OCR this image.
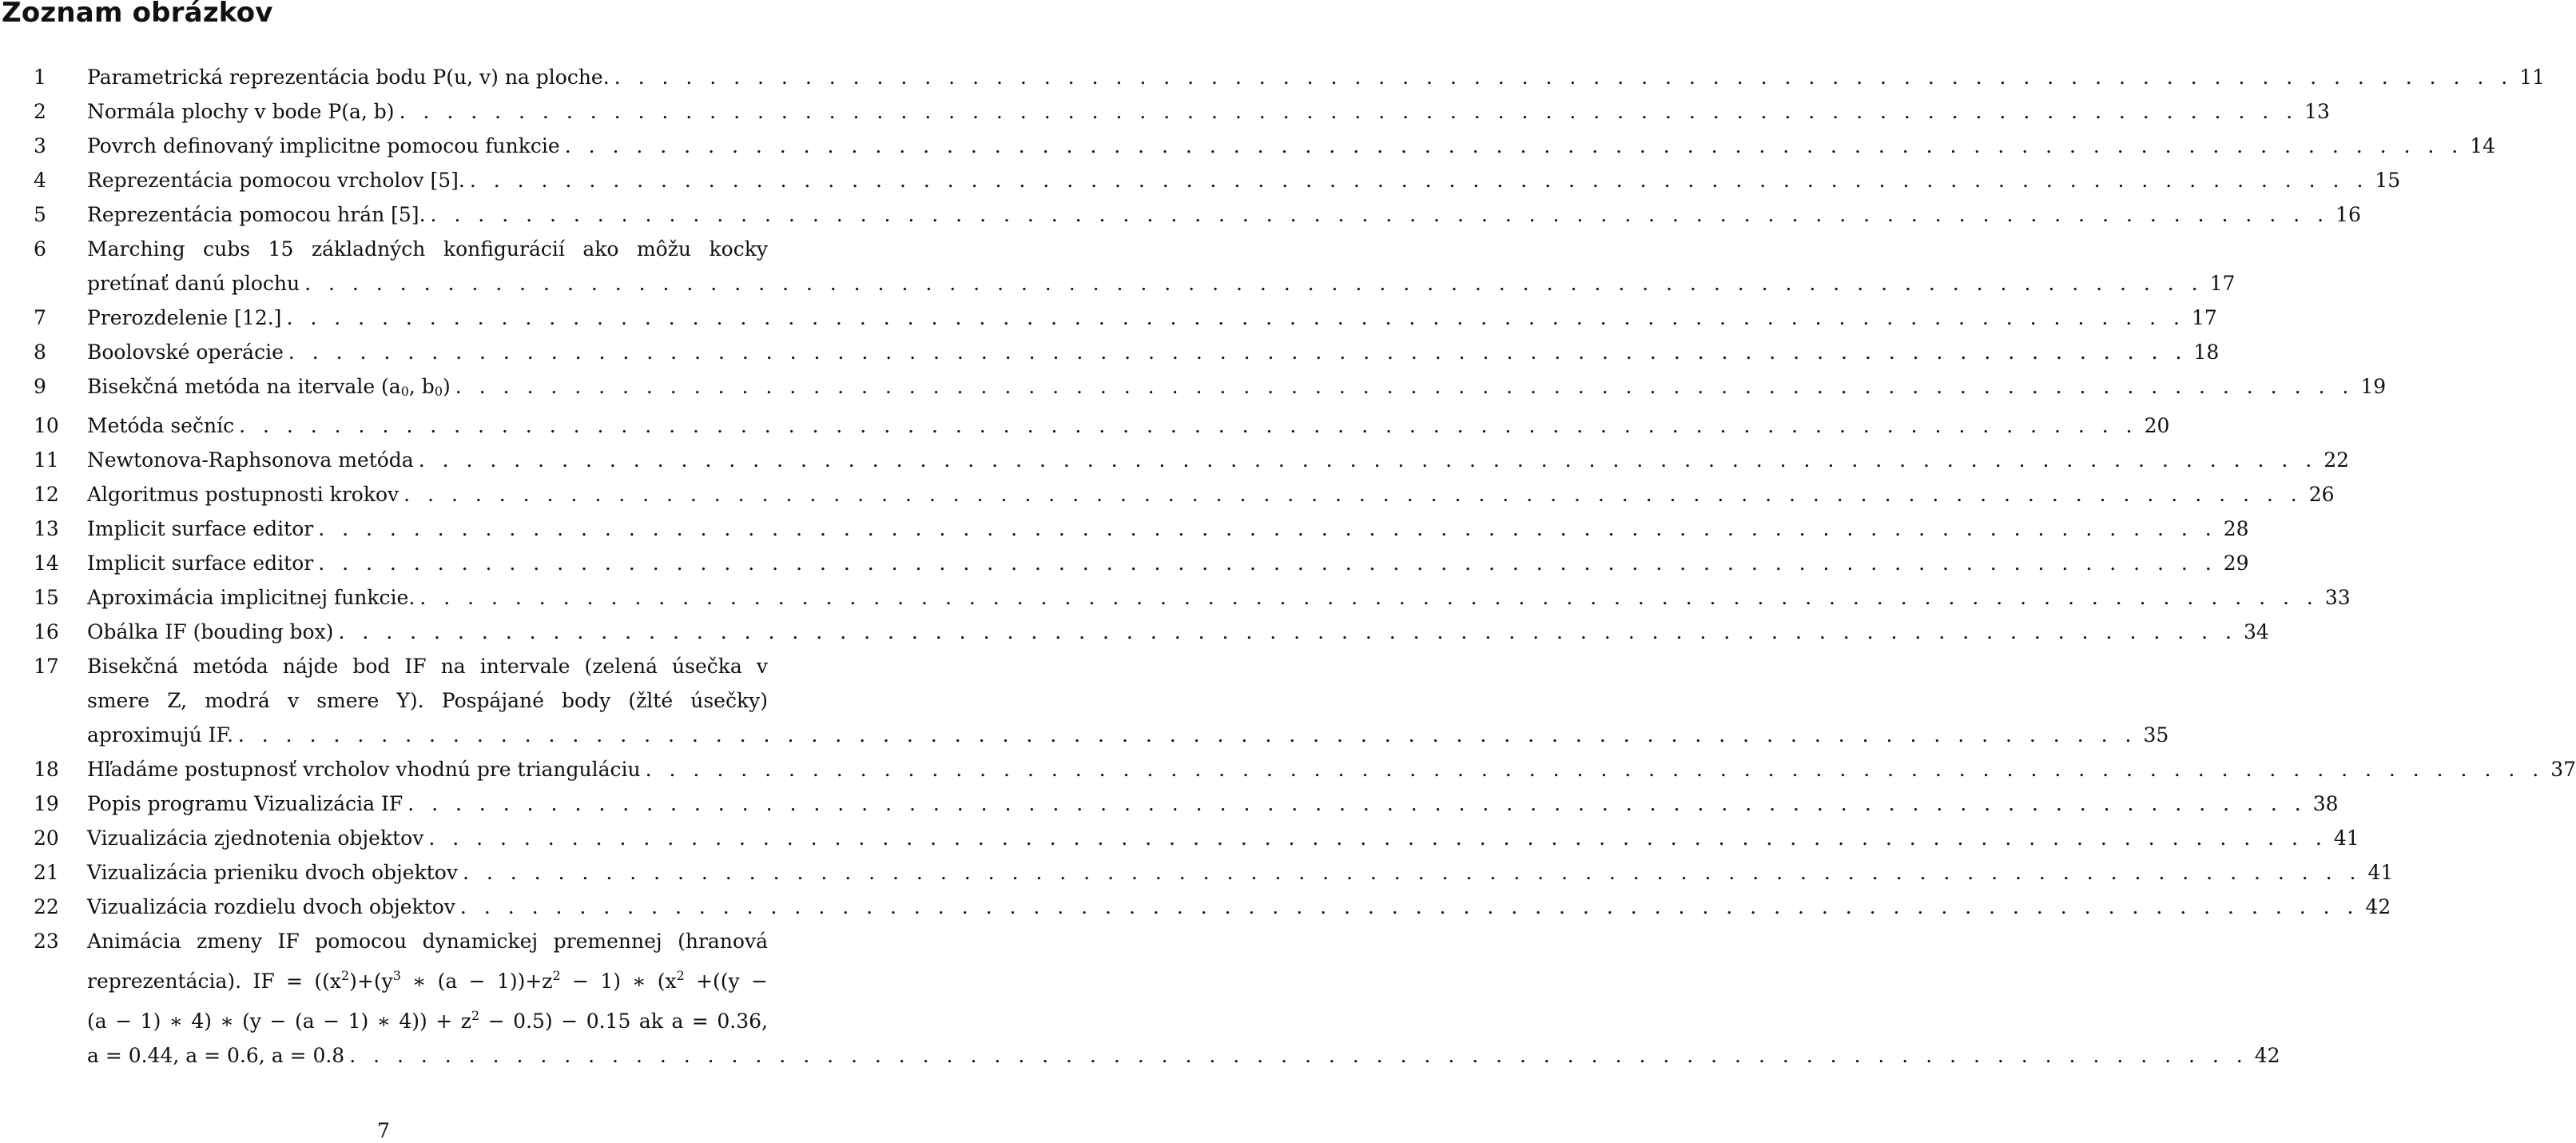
Zoznam obrázkov
1 Parametrická reprezentácia bodu P(u, v) na ploche. . . . . . . . . . . . . . . . . . . . . . . . . . . . . . . . . . . . . . . . . . . . . . . . . . . . . . . . . . . . . . . . . . . . . . . . . . . . . . . . . 11
2 Normála plochy v bode P(a, b) . . . . . . . . . . . . . . . . . . . . . . . . . . . . . . . . . . . . . . . . . . . . . . . . . . . . . . . . . . . . . . . . . . . . . . . . . . . . . . . . 13
3 Povrch definovaný implicitne pomocou funkcie . . . . . . . . . . . . . . . . . . . . . . . . . . . . . . . . . . . . . . . . . . . . . . . . . . . . . . . . . . . . . . . . . . . . . . . . . . . . . . . . 14
4 Reprezentácia pomocou vrcholov [5]. . . . . . . . . . . . . . . . . . . . . . . . . . . . . . . . . . . . . . . . . . . . . . . . . . . . . . . . . . . . . . . . . . . . . . . . . . . . . . . . . 15
5 Reprezentácia pomocou hrán [5]. . . . . . . . . . . . . . . . . . . . . . . . . . . . . . . . . . . . . . . . . . . . . . . . . . . . . . . . . . . . . . . . . . . . . . . . . . . . . . . . . 16
6 Marching cubs 15 základných konfigurácií ako môžu kocky
pretínať danú plochu . . . . . . . . . . . . . . . . . . . . . . . . . . . . . . . . . . . . . . . . . . . . . . . . . . . . . . . . . . . . . . . . . . . . . . . . . . . . . . . . 17
7 Prerozdelenie [12.] . . . . . . . . . . . . . . . . . . . . . . . . . . . . . . . . . . . . . . . . . . . . . . . . . . . . . . . . . . . . . . . . . . . . . . . . . . . . . . . . 17
8 Boolovské operácie . . . . . . . . . . . . . . . . . . . . . . . . . . . . . . . . . . . . . . . . . . . . . . . . . . . . . . . . . . . . . . . . . . . . . . . . . . . . . . . . 18
9 Bisekčná metóda na itervale (a0, b0) . . . . . . . . . . . . . . . . . . . . . . . . . . . . . . . . . . . . . . . . . . . . . . . . . . . . . . . . . . . . . . . . . . . . . . . . . . . . . . . . 19
10 Metóda sečníc . . . . . . . . . . . . . . . . . . . . . . . . . . . . . . . . . . . . . . . . . . . . . . . . . . . . . . . . . . . . . . . . . . . . . . . . . . . . . . . . 20
11 Newtonova-Raphsonova metóda . . . . . . . . . . . . . . . . . . . . . . . . . . . . . . . . . . . . . . . . . . . . . . . . . . . . . . . . . . . . . . . . . . . . . . . . . . . . . . . . 22
12 Algoritmus postupnosti krokov . . . . . . . . . . . . . . . . . . . . . . . . . . . . . . . . . . . . . . . . . . . . . . . . . . . . . . . . . . . . . . . . . . . . . . . . . . . . . . . . 26
13 Implicit surface editor . . . . . . . . . . . . . . . . . . . . . . . . . . . . . . . . . . . . . . . . . . . . . . . . . . . . . . . . . . . . . . . . . . . . . . . . . . . . . . . . 28
14 Implicit surface editor . . . . . . . . . . . . . . . . . . . . . . . . . . . . . . . . . . . . . . . . . . . . . . . . . . . . . . . . . . . . . . . . . . . . . . . . . . . . . . . . 29
15 Aproximácia implicitnej funkcie. . . . . . . . . . . . . . . . . . . . . . . . . . . . . . . . . . . . . . . . . . . . . . . . . . . . . . . . . . . . . . . . . . . . . . . . . . . . . . . . . 33
16 Obálka IF (bouding box) . . . . . . . . . . . . . . . . . . . . . . . . . . . . . . . . . . . . . . . . . . . . . . . . . . . . . . . . . . . . . . . . . . . . . . . . . . . . . . . . 34
17 Bisekčná metóda nájde bod IF na intervale (zelená úsečka v
smere Z, modrá v smere Y). Pospájané body (žlté úsečky)
aproximujú IF. . . . . . . . . . . . . . . . . . . . . . . . . . . . . . . . . . . . . . . . . . . . . . . . . . . . . . . . . . . . . . . . . . . . . . . . . . . . . . . . . 35
18 Hľadáme postupnosť vrcholov vhodnú pre trianguláciu . . . . . . . . . . . . . . . . . . . . . . . . . . . . . . . . . . . . . . . . . . . . . . . . . . . . . . . . . . . . . . . . . . . . . . . . . . . . . . . . 37
19 Popis programu Vizualizácia IF . . . . . . . . . . . . . . . . . . . . . . . . . . . . . . . . . . . . . . . . . . . . . . . . . . . . . . . . . . . . . . . . . . . . . . . . . . . . . . . . 38
20 Vizualizácia zjednotenia objektov . . . . . . . . . . . . . . . . . . . . . . . . . . . . . . . . . . . . . . . . . . . . . . . . . . . . . . . . . . . . . . . . . . . . . . . . . . . . . . . . 41
21 Vizualizácia prieniku dvoch objektov . . . . . . . . . . . . . . . . . . . . . . . . . . . . . . . . . . . . . . . . . . . . . . . . . . . . . . . . . . . . . . . . . . . . . . . . . . . . . . . . 41
22 Vizualizácia rozdielu dvoch objektov . . . . . . . . . . . . . . . . . . . . . . . . . . . . . . . . . . . . . . . . . . . . . . . . . . . . . . . . . . . . . . . . . . . . . . . . . . . . . . . . 42
23 Animácia zmeny IF pomocou dynamickej premennej (hranová
reprezentácia). IF = ($(x^2)+(y^3$ ∗ $(a - 1))+z^2 - 1$) ∗ ($x^2 +((y$ −
(a − 1) ∗ 4) ∗ (y − (a − 1) ∗ $4)) + z^2 - 0.5) - 0.15$ ak a = 0.36,
a = 0.44, a = 0.6, a = 0.8 . . . . . . . . . . . . . . . . . . . . . . . . . . . . . . . . . . . . . . . . . . . . . . . . . . . . . . . . . . . . . . . . . . . . . . . . . . . . . . . . 42
7
